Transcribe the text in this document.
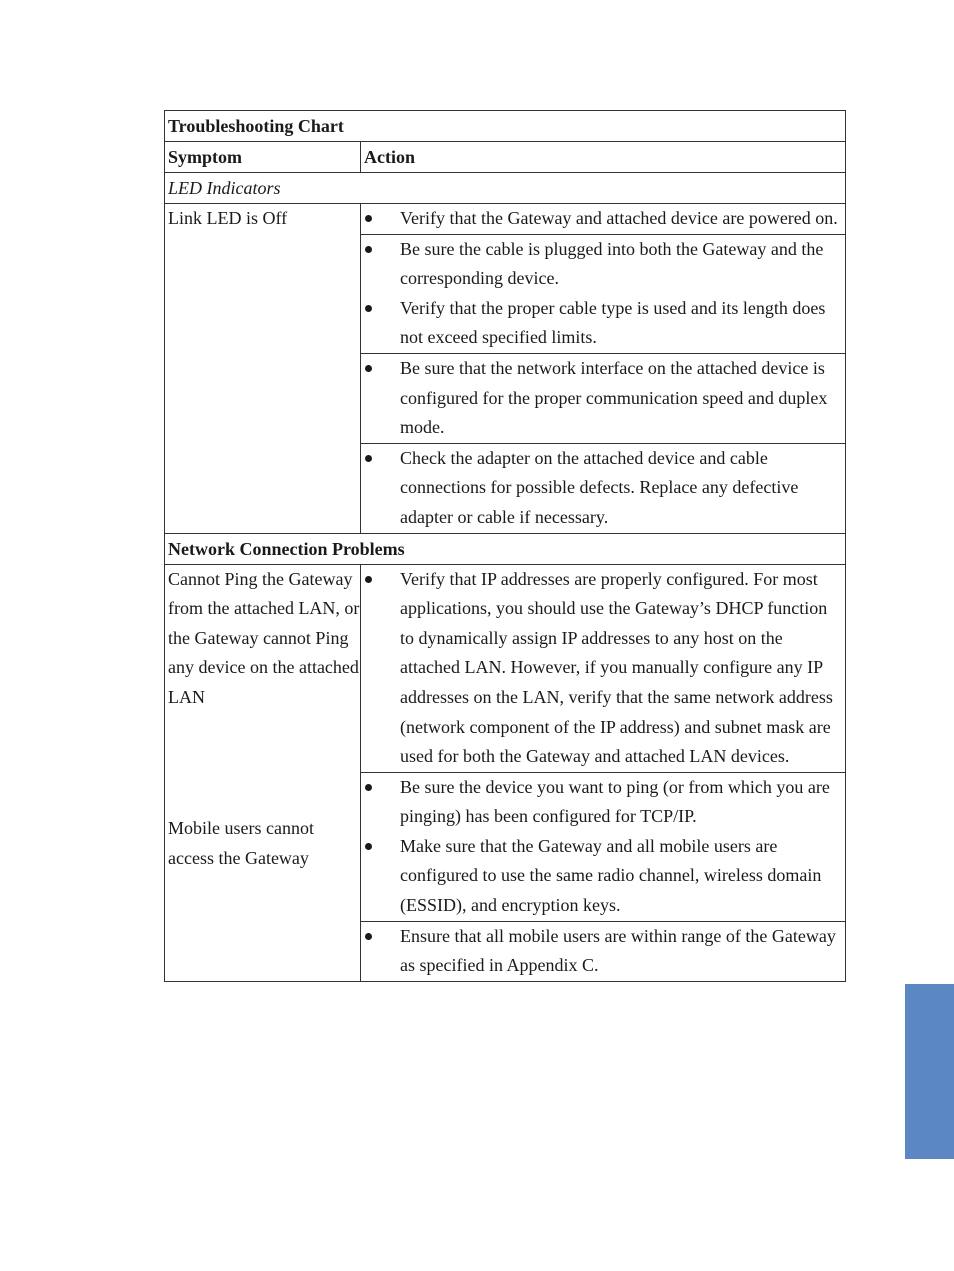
Troubleshooting Chart
Symptom	Action
LED Indicators
Link LED is Off	Verify that the Gateway and attached device are powered on.
Be sure the cable is plugged into both the Gateway and the corresponding device.
Verify that the proper cable type is used and its length does not exceed specified limits.
Be sure that the network interface on the attached device is configured for the proper communication speed and duplex mode.
Check the adapter on the attached device and cable connections for possible defects. Replace any defective adapter or cable if necessary.
Network Connection Problems
Cannot Ping the Gateway from the attached LAN, or the Gateway cannot Ping any device on the attached LAN
Mobile users cannot access the Gateway
Verify that IP addresses are properly configured. For most applications, you should use the Gateway’s DHCP function to dynamically assign IP addresses to any host on the attached LAN. However, if you manually configure any IP addresses on the LAN, verify that the same network address (network component of the IP address) and subnet mask are used for both the Gateway and attached LAN devices.
Be sure the device you want to ping (or from which you are pinging) has been configured for TCP/IP.
Make sure that the Gateway and all mobile users are configured to use the same radio channel, wireless domain (ESSID), and encryption keys.
Ensure that all mobile users are within range of the Gateway as specified in Appendix C.
